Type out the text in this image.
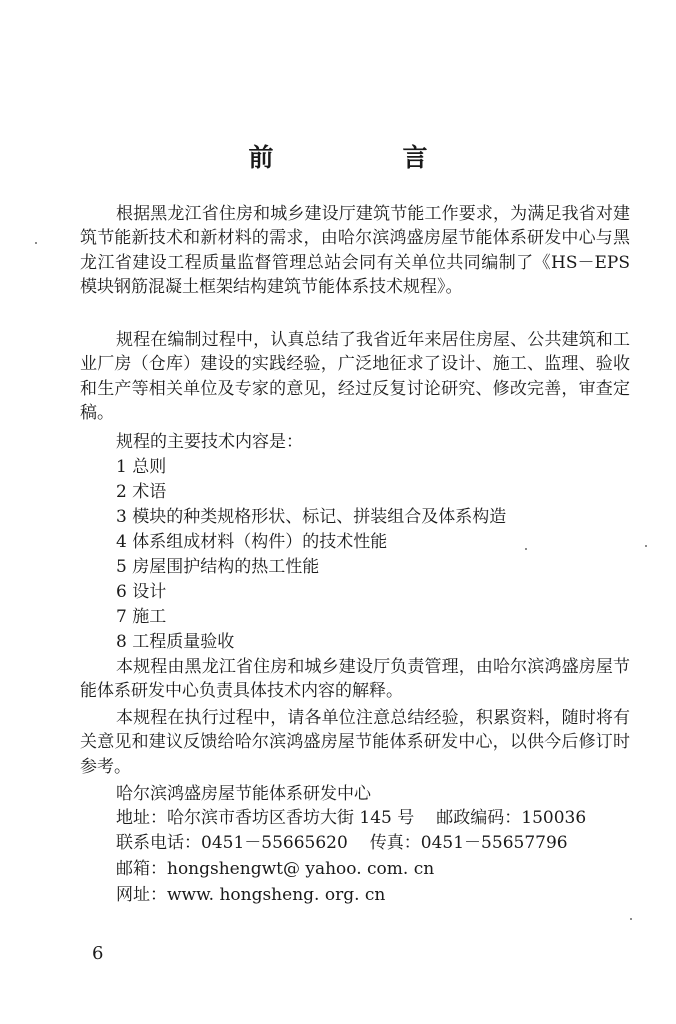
前　言

根据黑龙江省住房和城乡建设厅建筑节能工作要求，为满足我省对建筑节能新技术和新材料的需求，由哈尔滨鸿盛房屋节能体系研发中心与黑龙江省建设工程质量监督管理总站会同有关单位共同编制了《HS－EPS 模块钢筋混凝土框架结构建筑节能体系技术规程》。

规程在编制过程中，认真总结了我省近年来居住房屋、公共建筑和工业厂房（仓库）建设的实践经验，广泛地征求了设计、施工、监理、验收和生产等相关单位及专家的意见，经过反复讨论研究、修改完善，审查定稿。

规程的主要技术内容是：

1 总则

2 术语

3 模块的种类规格形状、标记、拼装组合及体系构造

4 体系组成材料（构件）的技术性能

5 房屋围护结构的热工性能

6 设计

7 施工

8 工程质量验收

本规程由黑龙江省住房和城乡建设厅负责管理，由哈尔滨鸿盛房屋节能体系研发中心负责具体技术内容的解释。

本规程在执行过程中，请各单位注意总结经验，积累资料，随时将有关意见和建议反馈给哈尔滨鸿盛房屋节能体系研发中心，以供今后修订时参考。

哈尔滨鸿盛房屋节能体系研发中心

地址：哈尔滨市香坊区香坊大街 145 号 邮政编码：150036

联系电话：0451－55665620 传真：0451－55657796

邮箱：hongshengwt@ yahoo. com. cn

网址：www. hongsheng. org. cn

6
